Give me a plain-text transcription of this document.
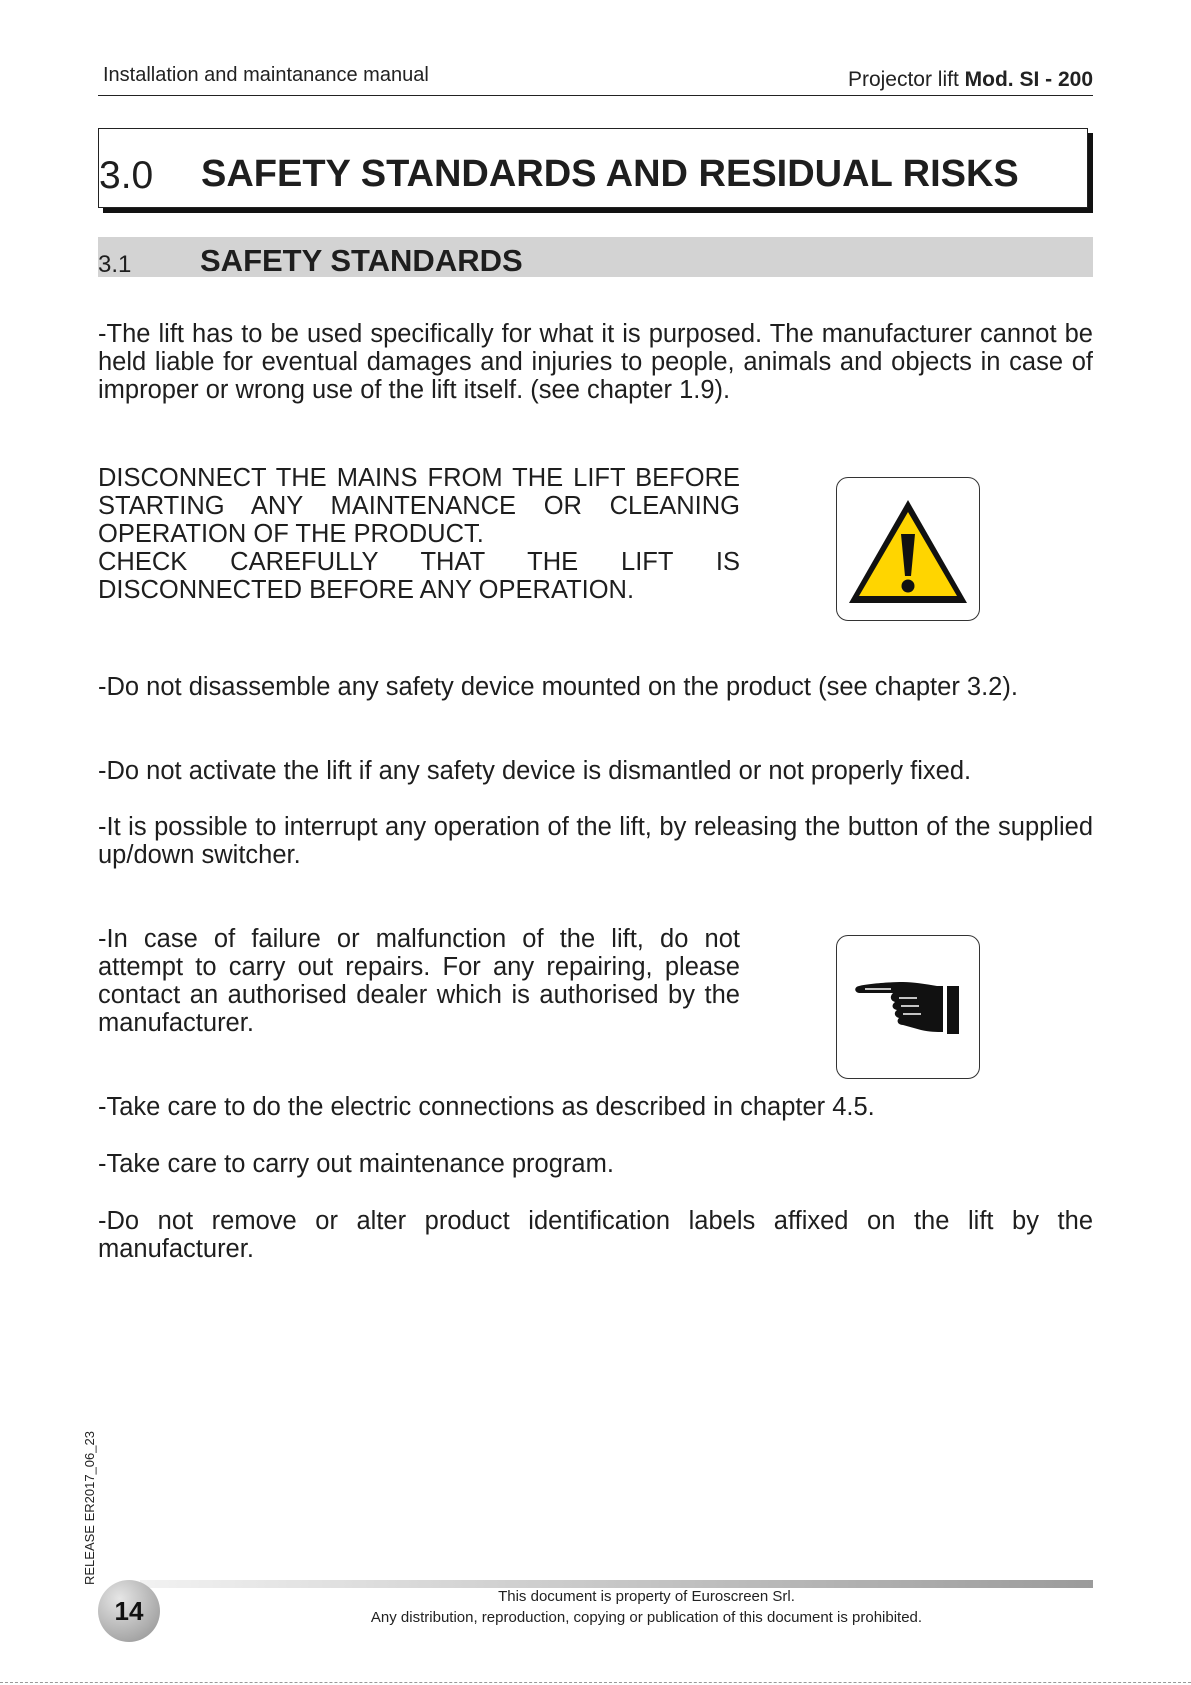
Installation and maintanance manual	Projector lift Mod. SI - 200
3.0 SAFETY STANDARDS AND RESIDUAL RISKS
3.1 SAFETY STANDARDS

-The lift has to be used specifically for what it is purposed. The manufacturer cannot be held liable for eventual damages and injuries to people, animals and objects in case of improper or wrong use of the lift itself. (see chapter 1.9).

DISCONNECT THE MAINS FROM THE LIFT BEFORE STARTING ANY MAINTENANCE OR CLEANING OPERATION OF THE PRODUCT.

CHECK CAREFULLY THAT THE LIFT IS DISCONNECTED BEFORE ANY OPERATION.

-Do not disassemble any safety device mounted on the product (see chapter 3.2).

-Do not activate the lift if any safety device is dismantled or not properly fixed.

-It is possible to interrupt any operation of the lift, by releasing the button of the supplied up/down switcher.

-In case of failure or malfunction of the lift, do not attempt to carry out repairs. For any repairing, please contact an authorised dealer which is authorised by the manufacturer.

-Take care to do the electric connections as described in chapter 4.5.

-Take care to carry out maintenance program.

-Do not remove or alter product identification labels affixed on the lift by the manufacturer.

RELEASE ER2017_06_23
14	This document is property of Euroscreen Srl.
Any distribution, reproduction, copying or publication of this document is prohibited.
